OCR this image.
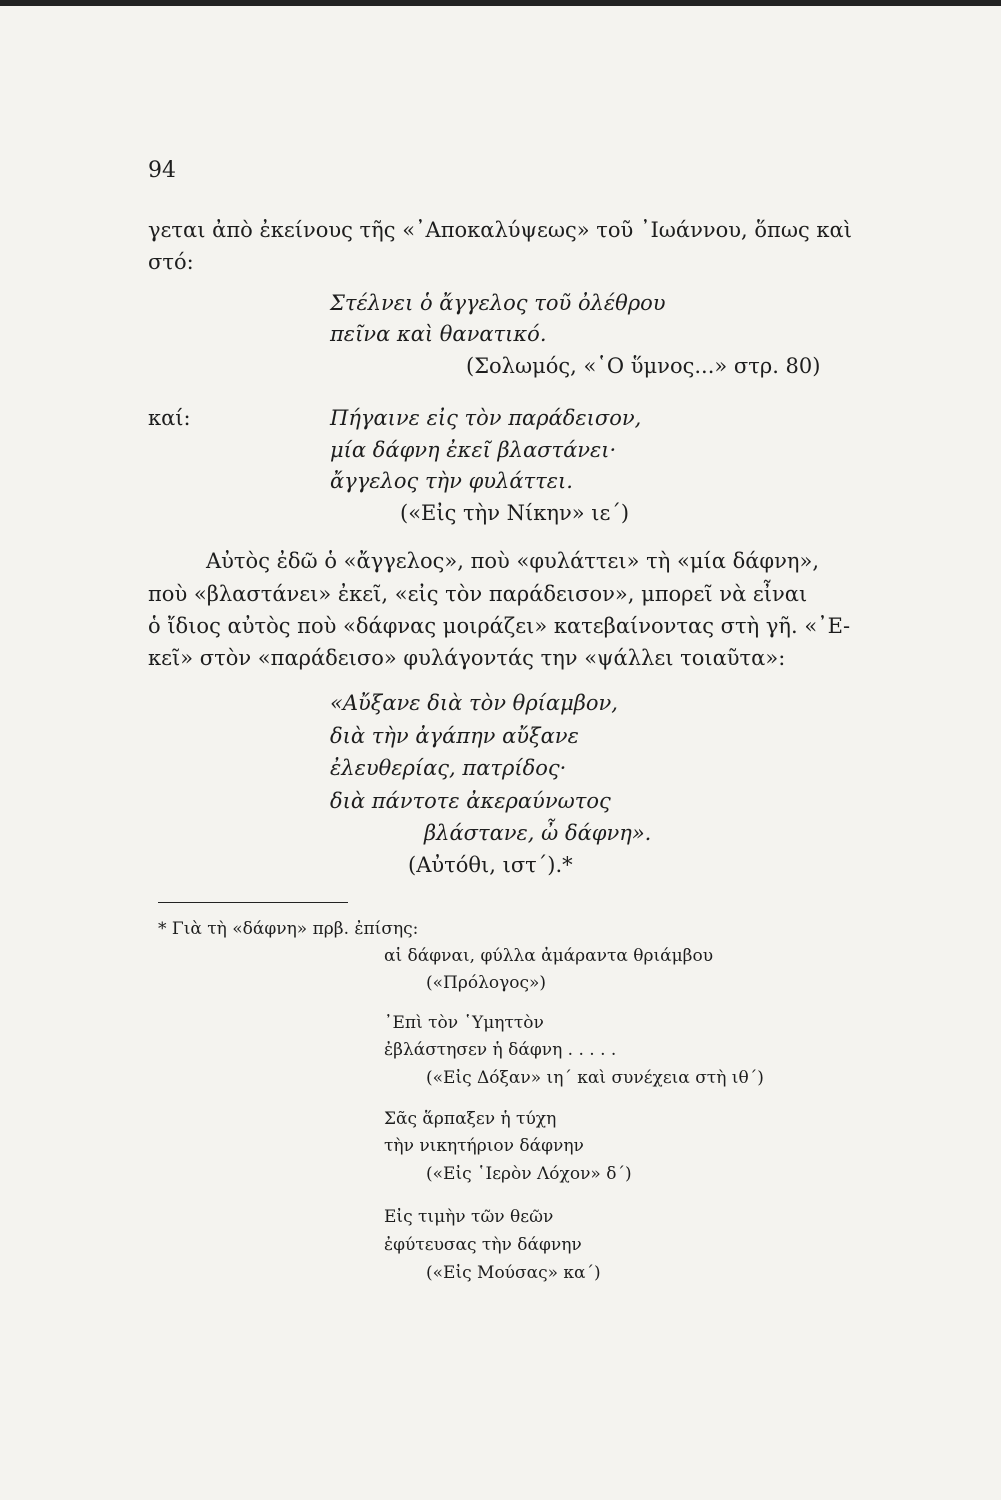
94
γεται ἀπὸ ἐκείνους τῆς «᾿Αποκαλύψεως» τοῦ ᾿Ιωάννου, ὅπως καὶ
στό:
Στέλνει ὁ ἄγγελος τοῦ ὀλέθρου
πεῖνα καὶ θανατικό.
(Σολωμός, «῾Ο ὕμνος...» στρ. 80)
καί:	Πήγαινε εἰς τὸν παράδεισον,
μία δάφνη ἐκεῖ βλαστάνει·
ἄγγελος τὴν φυλάττει.
(«Εἰς τὴν Νίκην» ιε΄)
Αὐτὸς ἐδῶ ὁ «ἄγγελος», ποὺ «φυλάττει» τὴ «μία δάφνη»,
ποὺ «βλαστάνει» ἐκεῖ, «εἰς τὸν παράδεισον», μπορεῖ νὰ εἶναι
ὁ ἴδιος αὐτὸς ποὺ «δάφνας μοιράζει» κατεβαίνοντας στὴ γῆ. «᾿Ε-
κεῖ» στὸν «παράδεισο» φυλάγοντάς την «ψάλλει τοιαῦτα»:
«Αὔξανε διὰ τὸν θρίαμβον,
διὰ τὴν ἀγάπην αὔξανε
ἐλευθερίας, πατρίδος·
διὰ πάντοτε ἀκεραύνωτος
βλάστανε, ὦ δάφνη».
(Αὐτόθι, ιστ΄).*
* Γιὰ τὴ «δάφνη» πρβ. ἐπίσης:
αἱ δάφναι, φύλλα ἀμάραντα θριάμβου
(«Πρόλογος»)
᾿Επὶ τὸν ῾Υμηττὸν
ἐβλάστησεν ἡ δάφνη . . . . .
(«Εἰς Δόξαν» ιη΄ καὶ συνέχεια στὴ ιθ΄)
Σᾶς ἅρπαξεν ἡ τύχη
τὴν νικητήριον δάφνην
(«Εἰς ῾Ιερὸν Λόχον» δ΄)
Εἰς τιμὴν τῶν θεῶν
ἐφύτευσας τὴν δάφνην
(«Εἰς Μούσας» κα΄)
